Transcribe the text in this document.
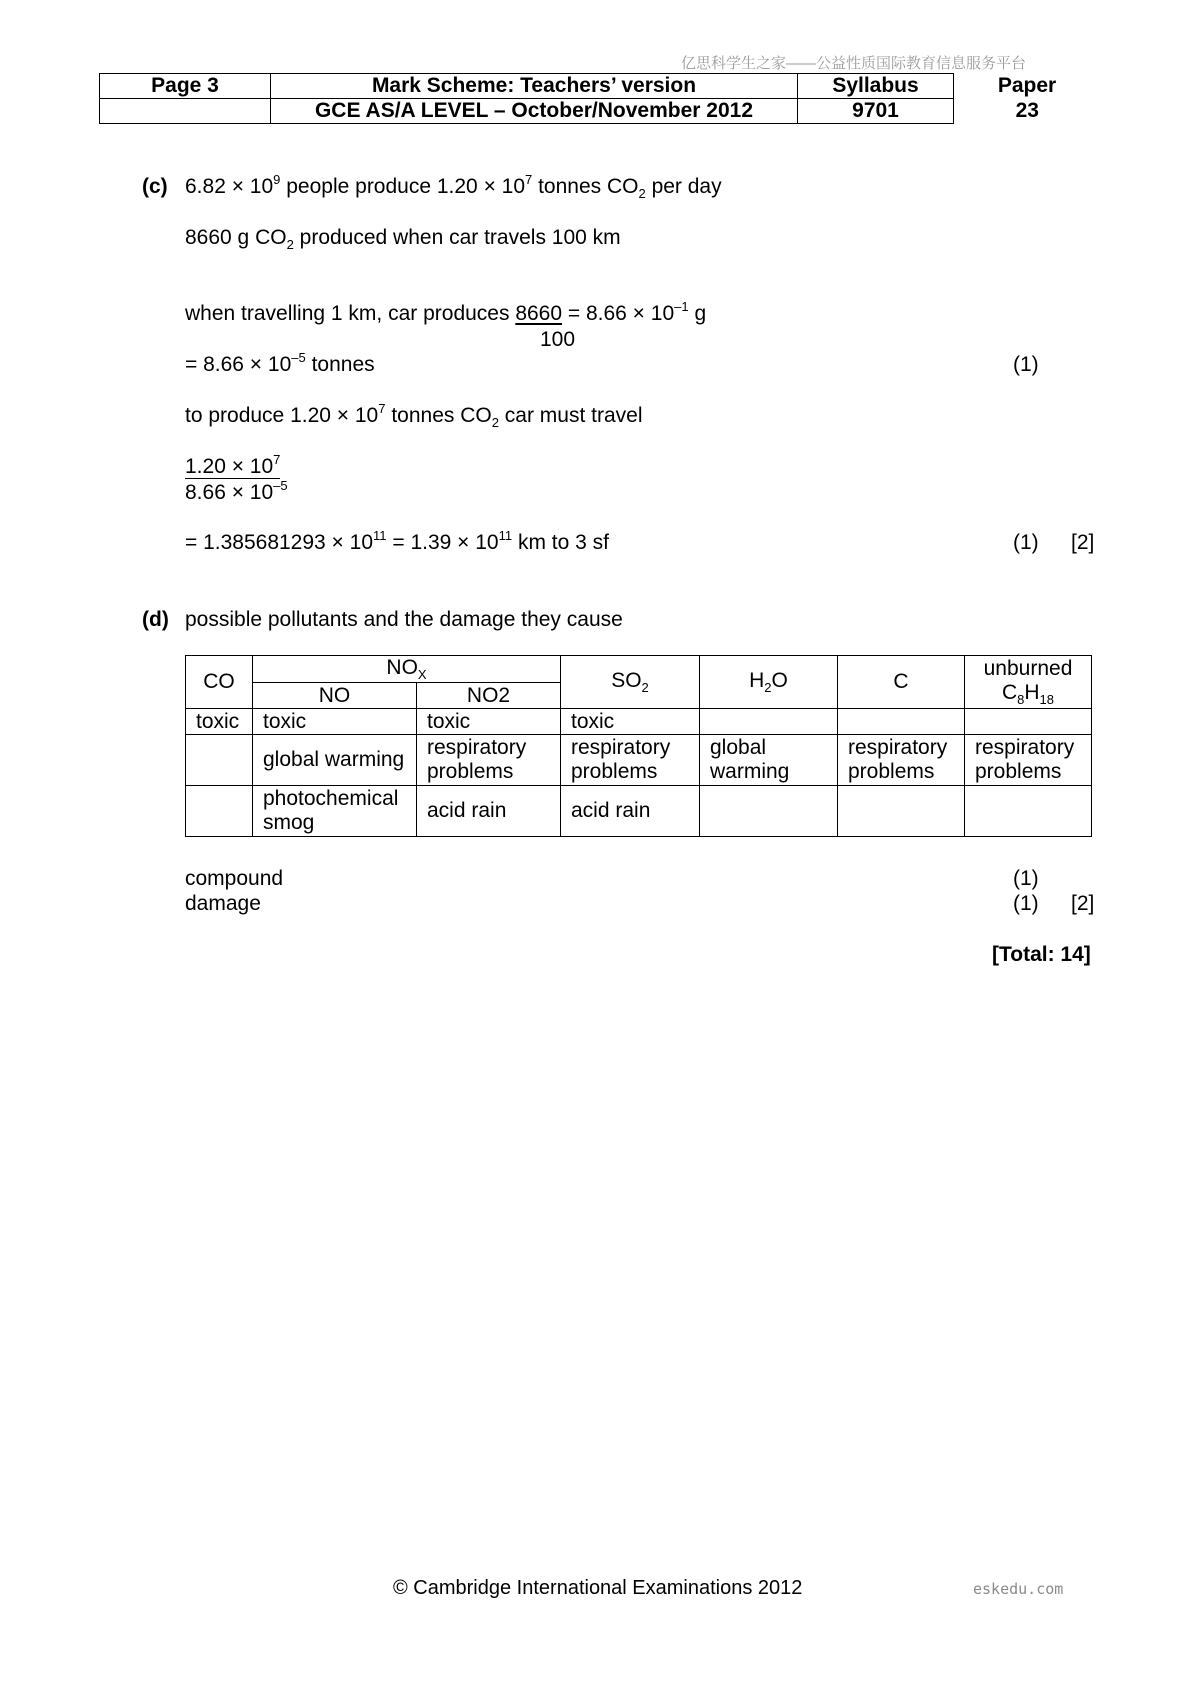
亿思科学生之家——公益性质国际教育信息服务平台
Page 3	Mark Scheme: Teachers’ version	Syllabus	Paper
	GCE AS/A LEVEL – October/November 2012	9701	23
(c) $6.82 \times 10^9$ people produce $1.20 \times 10^7$ tonnes $CO_2$ per day
8660 g $CO_2$ produced when car travels 100 km
when travelling 1 km, car produces $8660 = 8.66 \times 10^{-1}$ g
100
= $8.66 \times 10^{-5}$ tonnes	(1)
to produce $1.20 \times 10^7$ tonnes $CO_2$ car must travel
$1.20 \times 10^7$
$8.66 \times 10^{-5}$
= $1.385681293 \times 10^{11} = 1.39 \times 10^{11}$ km to 3 sf	(1) [2]
(d) possible pollutants and the damage they cause
CO	$NO_X$		$SO_2$	$H_2O$	C	unburned
$C_8H_{18}$
	NO	NO2				
toxic	toxic	toxic	toxic			
	global warming	respiratory problems	respiratory problems	global warming	respiratory problems	respiratory problems
	photochemical smog	acid rain	acid rain			
compound	(1)
damage	(1) [2]
[Total: 14]
© Cambridge International Examinations 2012	eskedu.com
